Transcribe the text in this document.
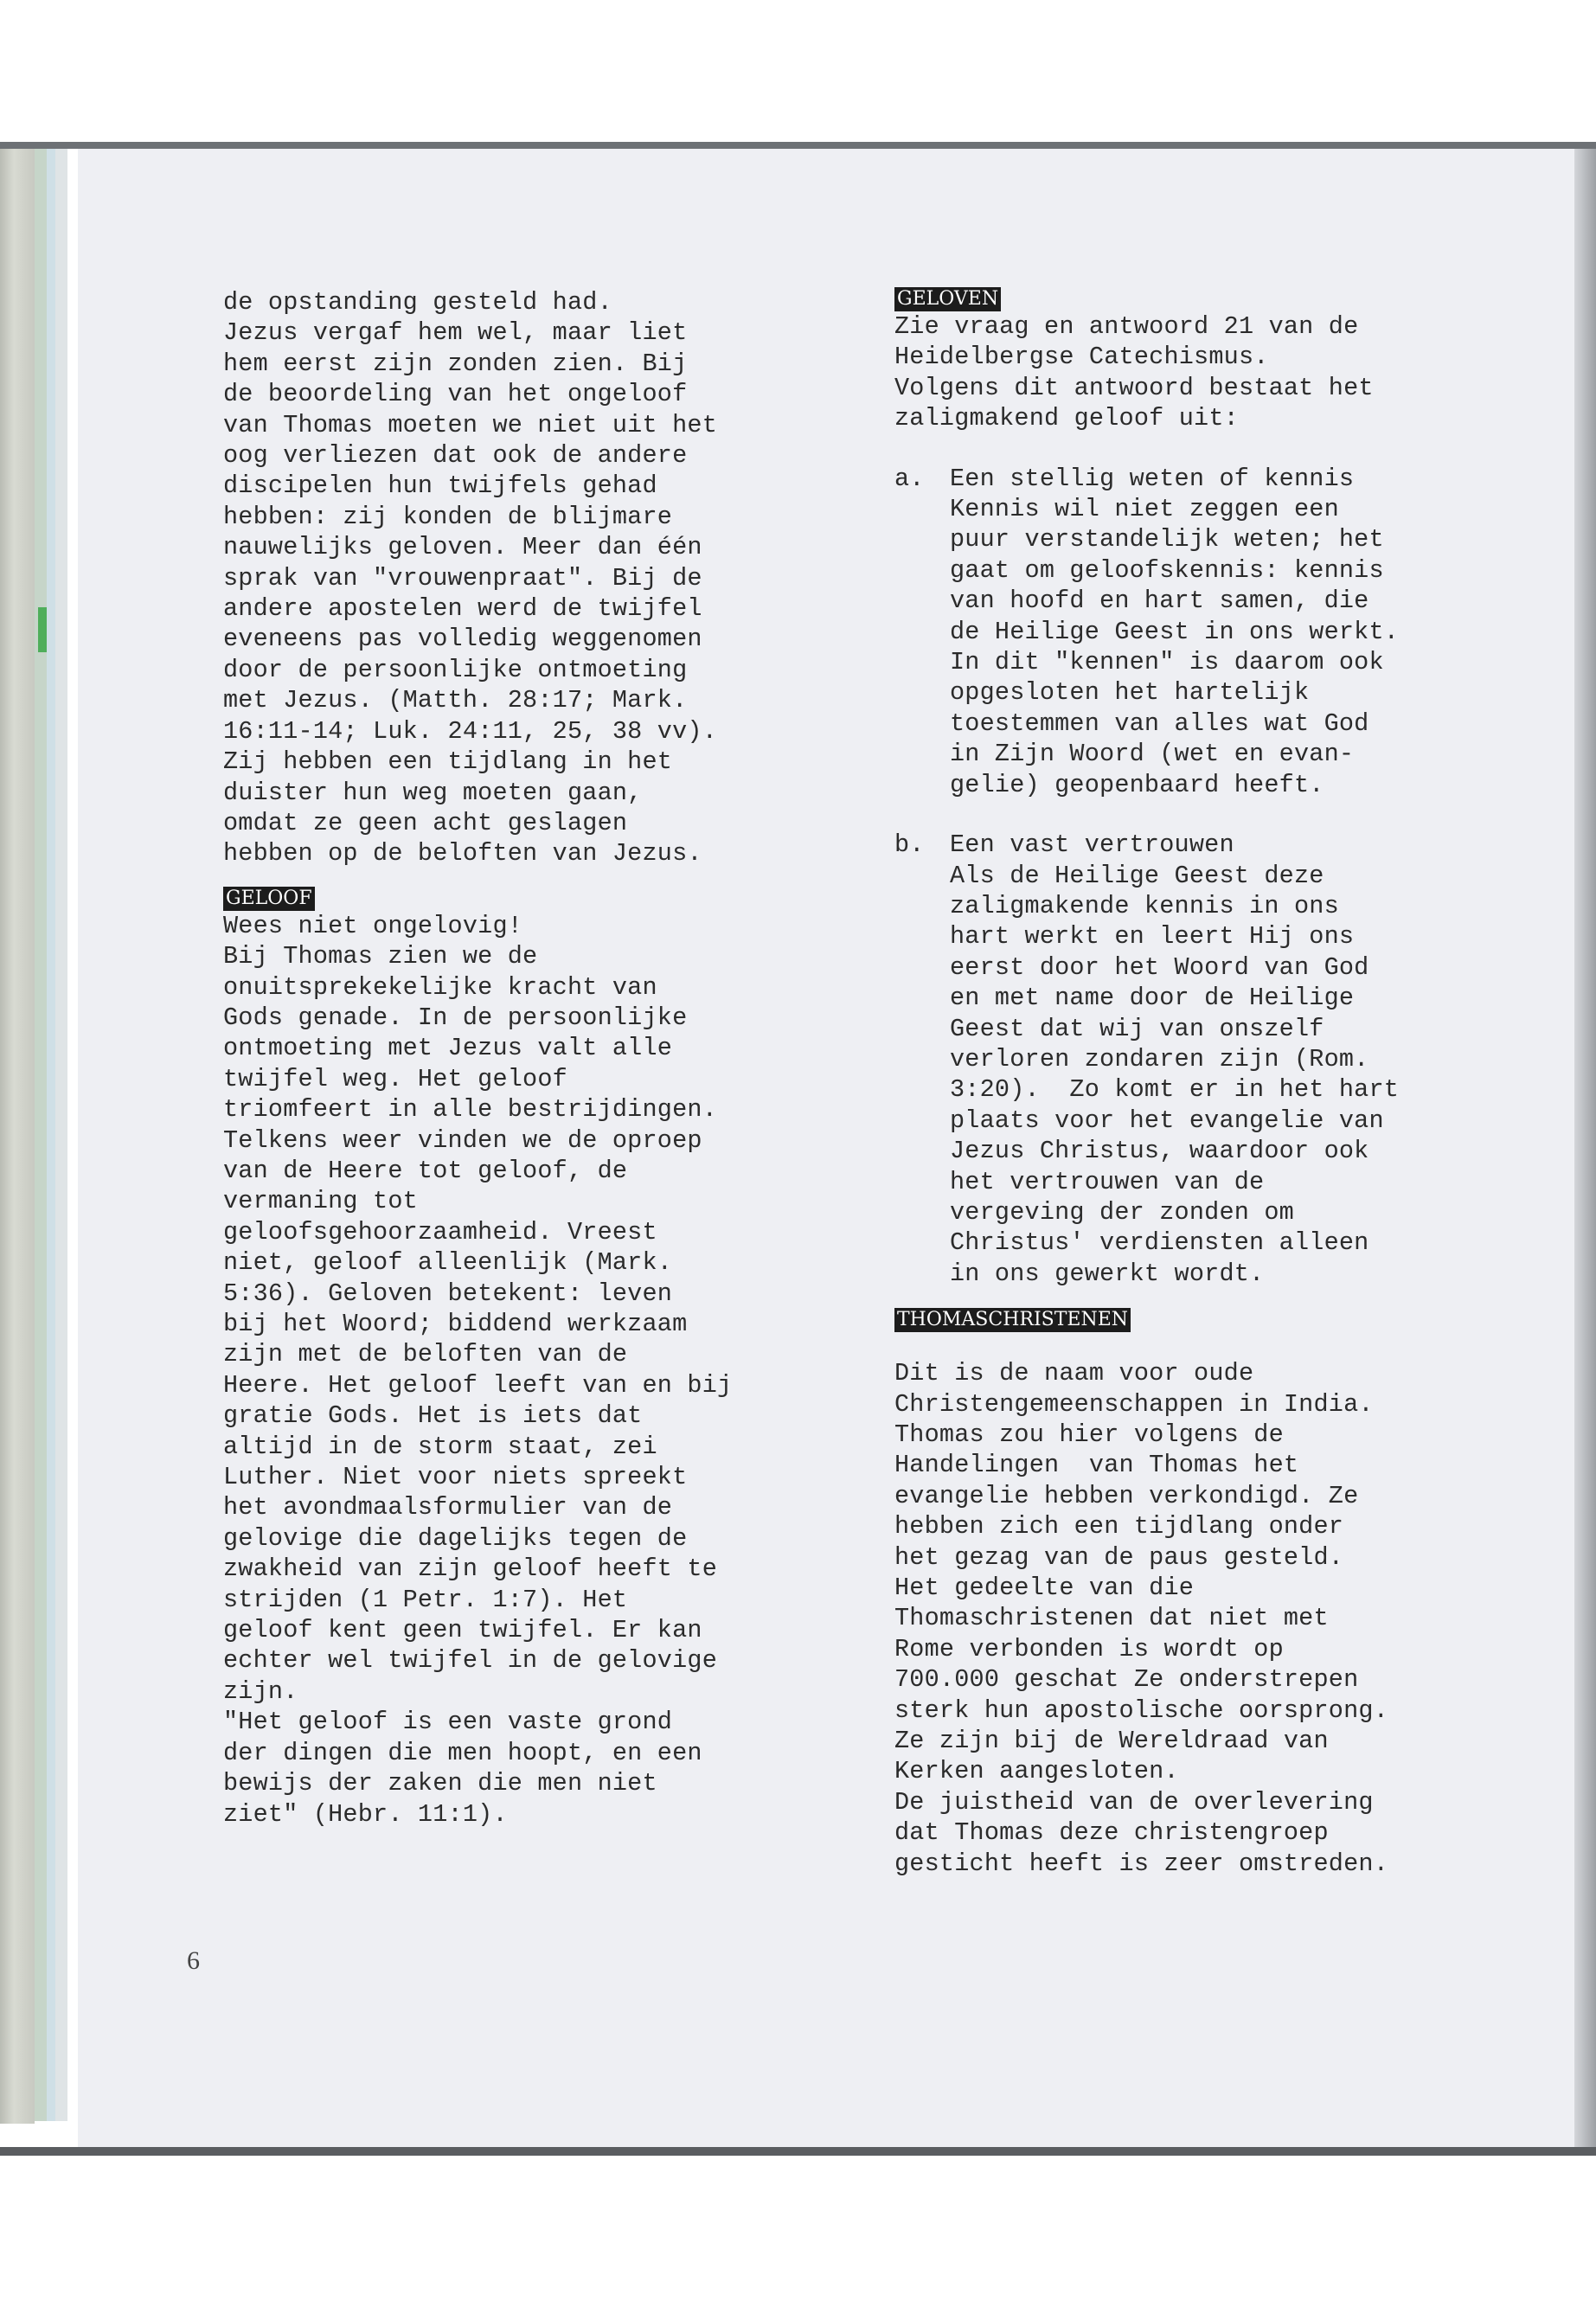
de opstanding gesteld had.
Jezus vergaf hem wel, maar liet
hem eerst zijn zonden zien. Bij
de beoordeling van het ongeloof
van Thomas moeten we niet uit het
oog verliezen dat ook de andere
discipelen hun twijfels gehad
hebben: zij konden de blijmare
nauwelijks geloven. Meer dan één
sprak van "vrouwenpraat". Bij de
andere apostelen werd de twijfel
eveneens pas volledig weggenomen
door de persoonlijke ontmoeting
met Jezus. (Matth. 28:17; Mark.
16:11-14; Luk. 24:11, 25, 38 vv).
Zij hebben een tijdlang in het
duister hun weg moeten gaan,
omdat ze geen acht geslagen
hebben op de beloften van Jezus.
GELOOF
Wees niet ongelovig!
Bij Thomas zien we de
onuitsprekekelijke kracht van
Gods genade. In de persoonlijke
ontmoeting met Jezus valt alle
twijfel weg. Het geloof
triomfeert in alle bestrijdingen.
Telkens weer vinden we de oproep
van de Heere tot geloof, de
vermaning tot
geloofsgehoorzaamheid. Vreest
niet, geloof alleenlijk (Mark.
5:36). Geloven betekent: leven
bij het Woord; biddend werkzaam
zijn met de beloften van de
Heere. Het geloof leeft van en bij
gratie Gods. Het is iets dat
altijd in de storm staat, zei
Luther. Niet voor niets spreekt
het avondmaalsformulier van de
gelovige die dagelijks tegen de
zwakheid van zijn geloof heeft te
strijden (1 Petr. 1:7). Het
geloof kent geen twijfel. Er kan
echter wel twijfel in de gelovige
zijn.
"Het geloof is een vaste grond
der dingen die men hoopt, en een
bewijs der zaken die men niet
ziet" (Hebr. 11:1).
GELOVEN
Zie vraag en antwoord 21 van de
Heidelbergse Catechismus.
Volgens dit antwoord bestaat het
zaligmakend geloof uit:
a. Een stellig weten of kennis
Kennis wil niet zeggen een
puur verstandelijk weten; het
gaat om geloofskennis: kennis
van hoofd en hart samen, die
de Heilige Geest in ons werkt.
In dit "kennen" is daarom ook
opgesloten het hartelijk
toestemmen van alles wat God
in Zijn Woord (wet en evan-
gelie) geopenbaard heeft.
b. Een vast vertrouwen
Als de Heilige Geest deze
zaligmakende kennis in ons
hart werkt en leert Hij ons
eerst door het Woord van God
en met name door de Heilige
Geest dat wij van onszelf
verloren zondaren zijn (Rom.
3:20).  Zo komt er in het hart
plaats voor het evangelie van
Jezus Christus, waardoor ook
het vertrouwen van de
vergeving der zonden om
Christus' verdiensten alleen
in ons gewerkt wordt.
THOMASCHRISTENEN
Dit is de naam voor oude
Christengemeenschappen in India.
Thomas zou hier volgens de
Handelingen  van Thomas het
evangelie hebben verkondigd. Ze
hebben zich een tijdlang onder
het gezag van de paus gesteld.
Het gedeelte van die
Thomaschristenen dat niet met
Rome verbonden is wordt op
700.000 geschat Ze onderstrepen
sterk hun apostolische oorsprong.
Ze zijn bij de Wereldraad van
Kerken aangesloten.
De juistheid van de overlevering
dat Thomas deze christengroep
gesticht heeft is zeer omstreden.
6
